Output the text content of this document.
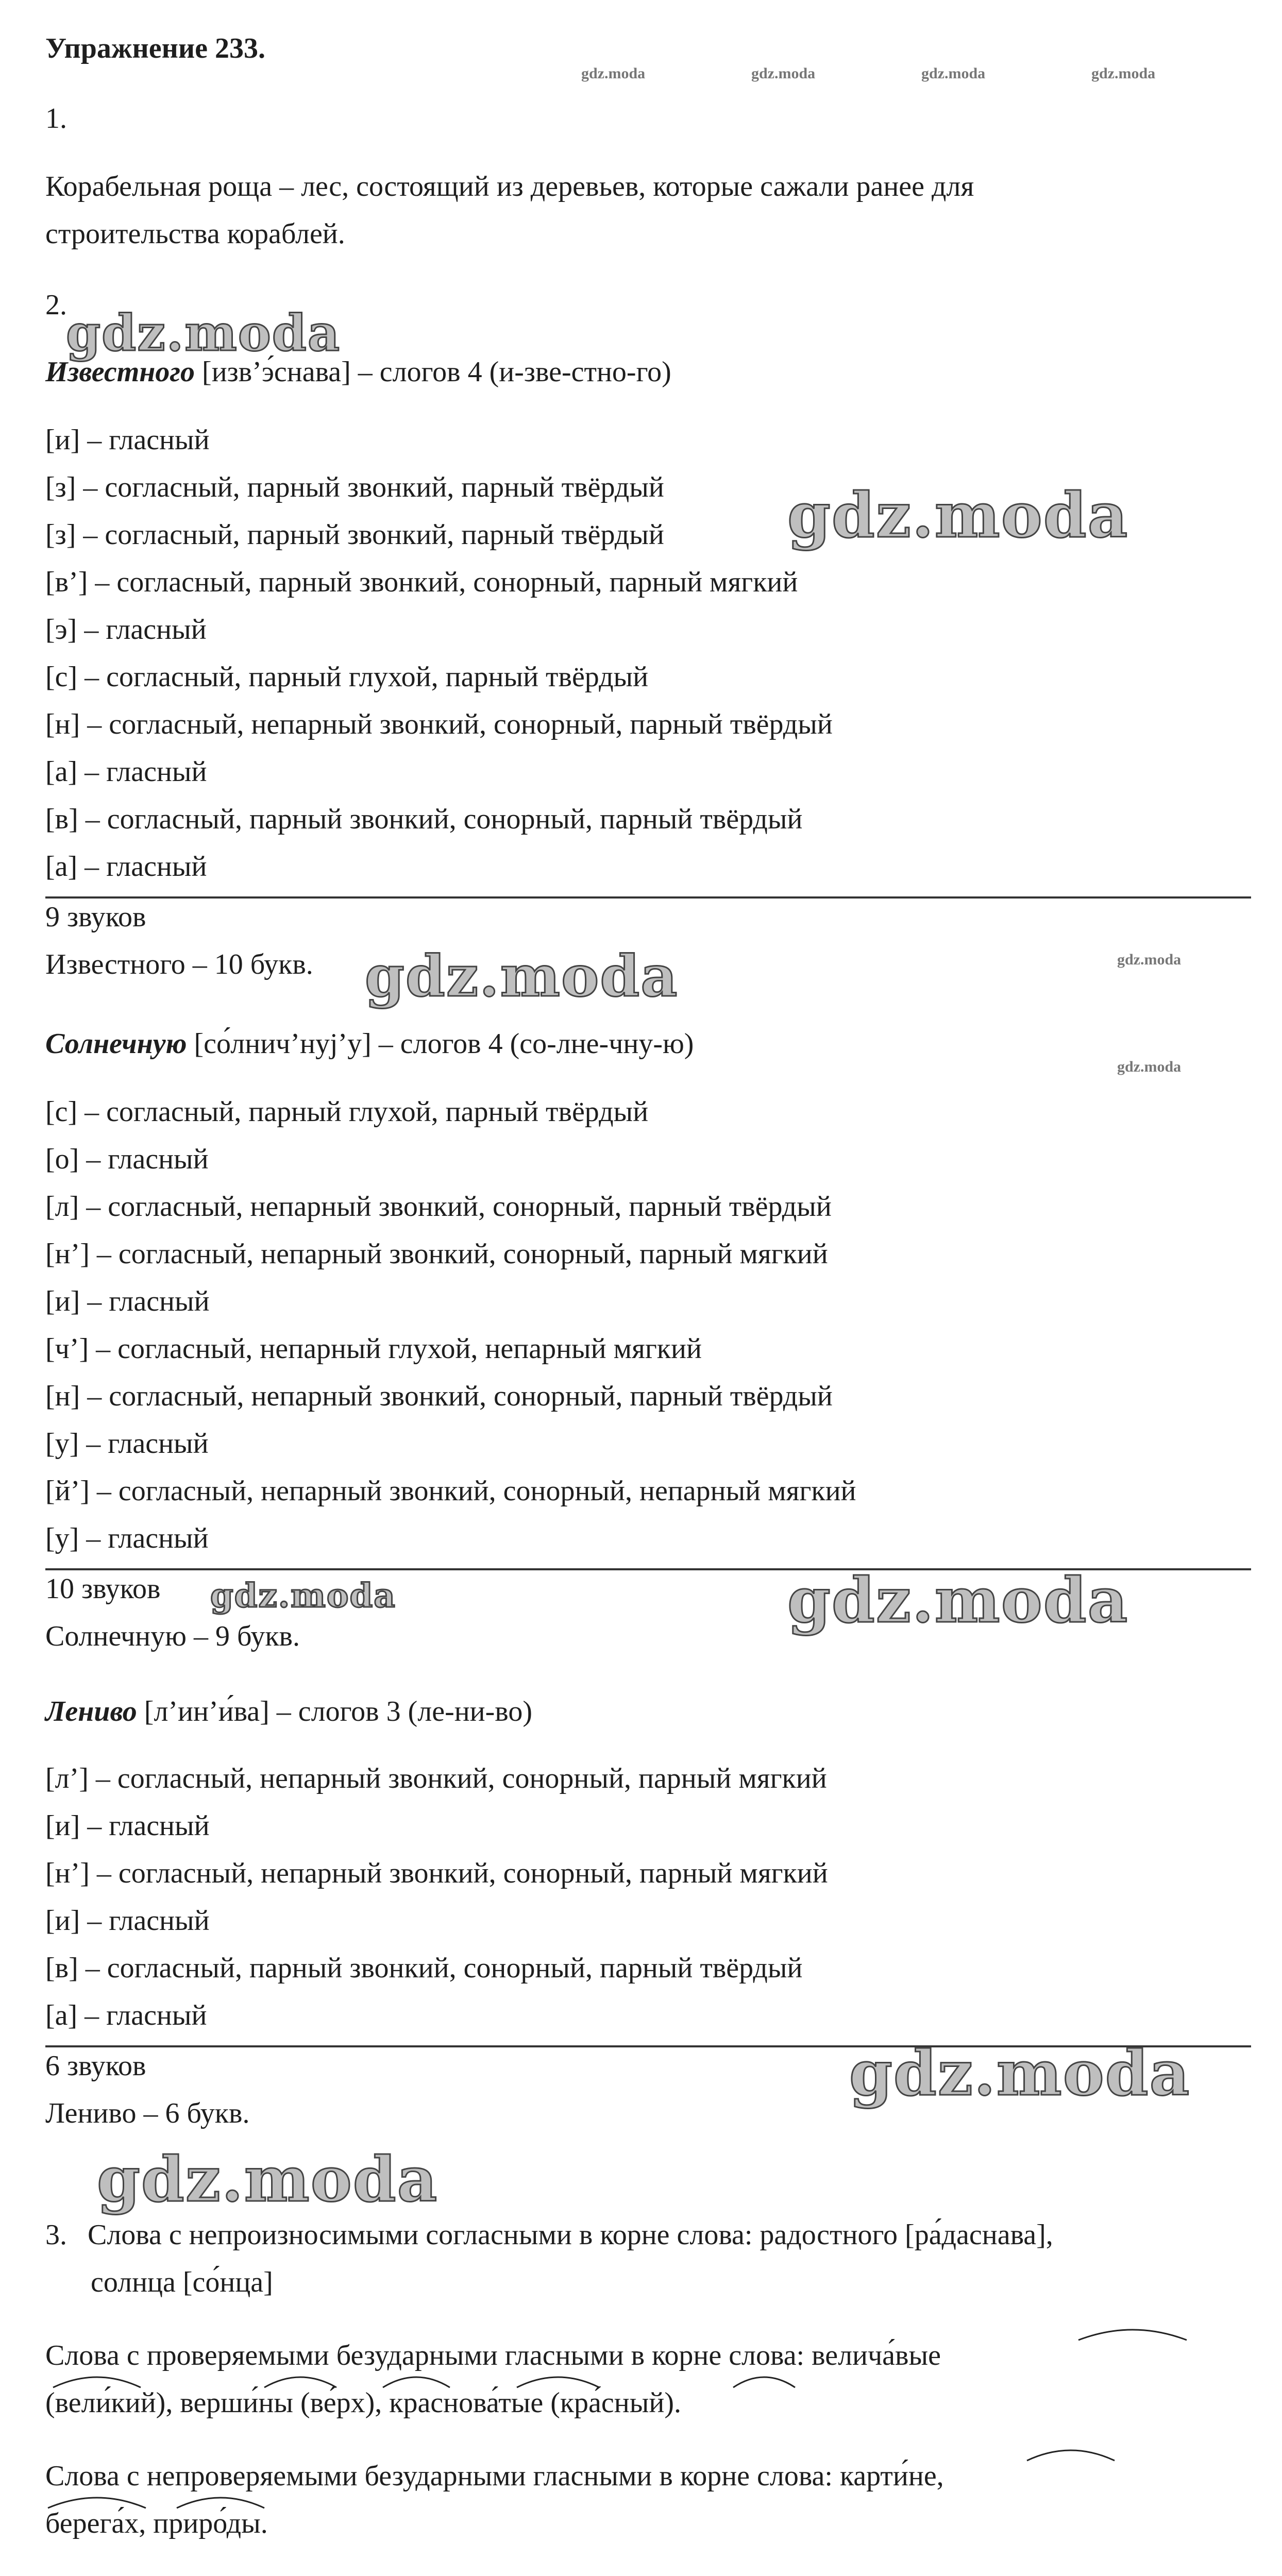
Упражнение 233.
gdz.moda	gdz.moda	gdz.moda	gdz.moda
1.
Корабельная роща – лес, состоящий из деревьев, которые сажали ранее для
строительства кораблей.
2.
gdz.moda
Известного [изв’э́снава] – слогов 4 (и-зве-стно-го)
[и] – гласный
[з] – согласный, парный звонкий, парный твёрдый
[з] – согласный, парный звонкий, парный твёрдый
[в’] – согласный, парный звонкий, сонорный, парный мягкий
[э] – гласный
[с] – согласный, парный глухой, парный твёрдый
[н] – согласный, непарный звонкий, сонорный, парный твёрдый
[а] – гласный
[в] – согласный, парный звонкий, сонорный, парный твёрдый
[а] – гласный
gdz.moda
9 звуков
Известного – 10 букв. gdz.moda	gdz.moda
Солнечную [со́лнич’нуj’у] – слогов 4 (со-лне-чну-ю)
gdz.moda
[с] – согласный, парный глухой, парный твёрдый
[о] – гласный
[л] – согласный, непарный звонкий, сонорный, парный твёрдый
[н’] – согласный, непарный звонкий, сонорный, парный мягкий
[и] – гласный
[ч’] – согласный, непарный глухой, непарный мягкий
[н] – согласный, непарный звонкий, сонорный, парный твёрдый
[у] – гласный
[й’] – согласный, непарный звонкий, сонорный, непарный мягкий
[у] – гласный
10 звуков gdz.moda	gdz.moda
Солнечную – 9 букв.
Лениво [л’ин’и́ва] – слогов 3 (ле-ни-во)
[л’] – согласный, непарный звонкий, сонорный, парный мягкий
[и] – гласный
[н’] – согласный, непарный звонкий, сонорный, парный мягкий
[и] – гласный
[в] – согласный, парный звонкий, сонорный, парный твёрдый
[а] – гласный
6 звуков
Лениво – 6 букв.
gdz.moda
gdz.moda
3. Слова с непроизносимыми согласными в корне слова: радостного [ра́даснава],
солнца [со́нца]
Слова с проверяемыми безударными гласными в корне слова: велича́вые
(вели́кий), верши́ны (ве́рх), краснова́тые (кра́сный).
Слова с непроверяемыми безударными гласными в корне слова: карти́не,
берега́х, приро́ды.
